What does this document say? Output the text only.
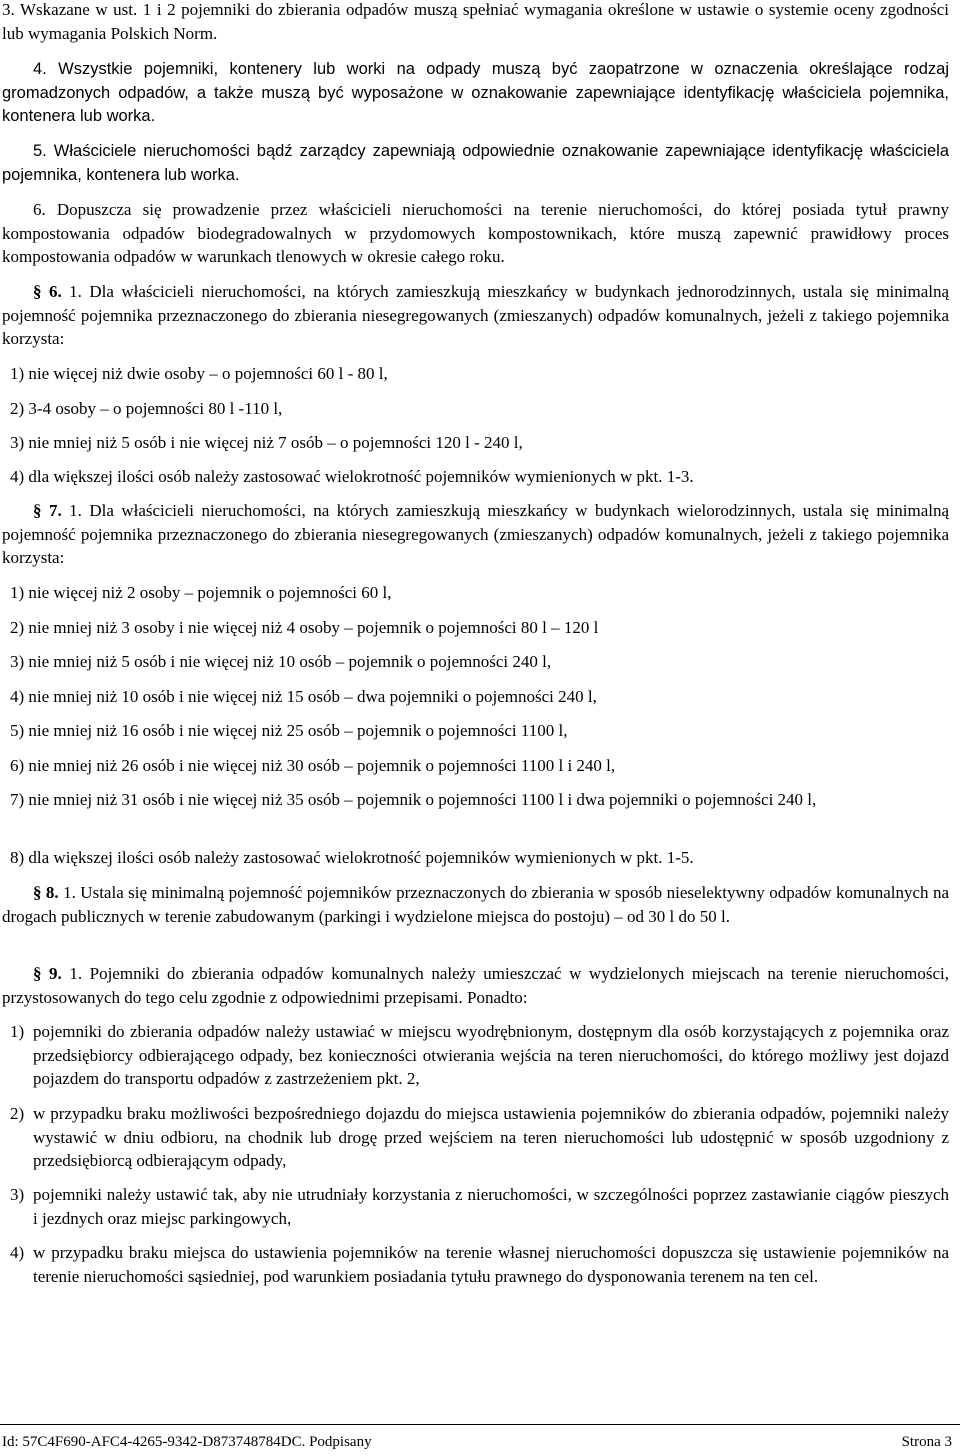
3. Wskazane w ust. 1 i 2 pojemniki do zbierania odpadów muszą spełniać wymagania określone w ustawie o systemie oceny zgodności lub wymagania Polskich Norm.

4. Wszystkie pojemniki, kontenery lub worki na odpady muszą być zaopatrzone w oznaczenia określające rodzaj gromadzonych odpadów, a także muszą być wyposażone w oznakowanie zapewniające identyfikację właściciela pojemnika, kontenera lub worka.

5. Właściciele nieruchomości bądź zarządcy zapewniają odpowiednie oznakowanie zapewniające identyfikację właściciela pojemnika, kontenera lub worka.

6. Dopuszcza się prowadzenie przez właścicieli nieruchomości na terenie nieruchomości, do której posiada tytuł prawny kompostowania odpadów biodegradowalnych w przydomowych kompostownikach, które muszą zapewnić prawidłowy proces kompostowania odpadów w warunkach tlenowych w okresie całego roku.

§ 6. 1. Dla właścicieli nieruchomości, na których zamieszkują mieszkańcy w budynkach jednorodzinnych, ustala się minimalną pojemność pojemnika przeznaczonego do zbierania niesegregowanych (zmieszanych) odpadów komunalnych, jeżeli z takiego pojemnika korzysta:

1) nie więcej niż dwie osoby – o pojemności 60 l - 80 l,

2) 3-4 osoby – o pojemności 80 l -110 l,

3) nie mniej niż 5 osób i nie więcej niż 7 osób – o pojemności 120 l - 240 l,

4) dla większej ilości osób należy zastosować wielokrotność pojemników wymienionych w pkt. 1-3.

§ 7. 1. Dla właścicieli nieruchomości, na których zamieszkują mieszkańcy w budynkach wielorodzinnych, ustala się minimalną pojemność pojemnika przeznaczonego do zbierania niesegregowanych (zmieszanych) odpadów komunalnych, jeżeli z takiego pojemnika korzysta:

1) nie więcej niż 2 osoby – pojemnik o pojemności 60 l,

2) nie mniej niż 3 osoby i nie więcej niż 4 osoby – pojemnik o pojemności 80 l – 120 l

3) nie mniej niż 5 osób i nie więcej niż 10 osób – pojemnik o pojemności 240 l,

4) nie mniej niż 10 osób i nie więcej niż 15 osób – dwa pojemniki o pojemności 240 l,

5) nie mniej niż 16 osób i nie więcej niż 25 osób – pojemnik o pojemności 1100 l,

6) nie mniej niż 26 osób i nie więcej niż 30 osób – pojemnik o pojemności 1100 l i 240 l,

7) nie mniej niż 31 osób i nie więcej niż 35 osób – pojemnik o pojemności 1100 l i dwa pojemniki o pojemności 240 l,

8) dla większej ilości osób należy zastosować wielokrotność pojemników wymienionych w pkt. 1-5.

§ 8. 1. Ustala się minimalną pojemność pojemników przeznaczonych do zbierania w sposób nieselektywny odpadów komunalnych na drogach publicznych w terenie zabudowanym (parkingi i wydzielone miejsca do postoju) – od 30 l do 50 l.

§ 9. 1. Pojemniki do zbierania odpadów komunalnych należy umieszczać w wydzielonych miejscach na terenie nieruchomości, przystosowanych do tego celu zgodnie z odpowiednimi przepisami. Ponadto:

1) pojemniki do zbierania odpadów należy ustawiać w miejscu wyodrębnionym, dostępnym dla osób korzystających z pojemnika oraz przedsiębiorcy odbierającego odpady, bez konieczności otwierania wejścia na teren nieruchomości, do którego możliwy jest dojazd pojazdem do transportu odpadów z zastrzeżeniem pkt. 2,

2) w przypadku braku możliwości bezpośredniego dojazdu do miejsca ustawienia pojemników do zbierania odpadów, pojemniki należy wystawić w dniu odbioru, na chodnik lub drogę przed wejściem na teren nieruchomości lub udostępnić w sposób uzgodniony z przedsiębiorcą odbierającym odpady,

3) pojemniki należy ustawić tak, aby nie utrudniały korzystania z nieruchomości, w szczególności poprzez zastawianie ciągów pieszych i jezdnych oraz miejsc parkingowych,

4) w przypadku braku miejsca do ustawienia pojemników na terenie własnej nieruchomości dopuszcza się ustawienie pojemników na terenie nieruchomości sąsiedniej, pod warunkiem posiadania tytułu prawnego do dysponowania terenem na ten cel.

Id: 57C4F690-AFC4-4265-9342-D873748784DC. Podpisany	Strona 3
